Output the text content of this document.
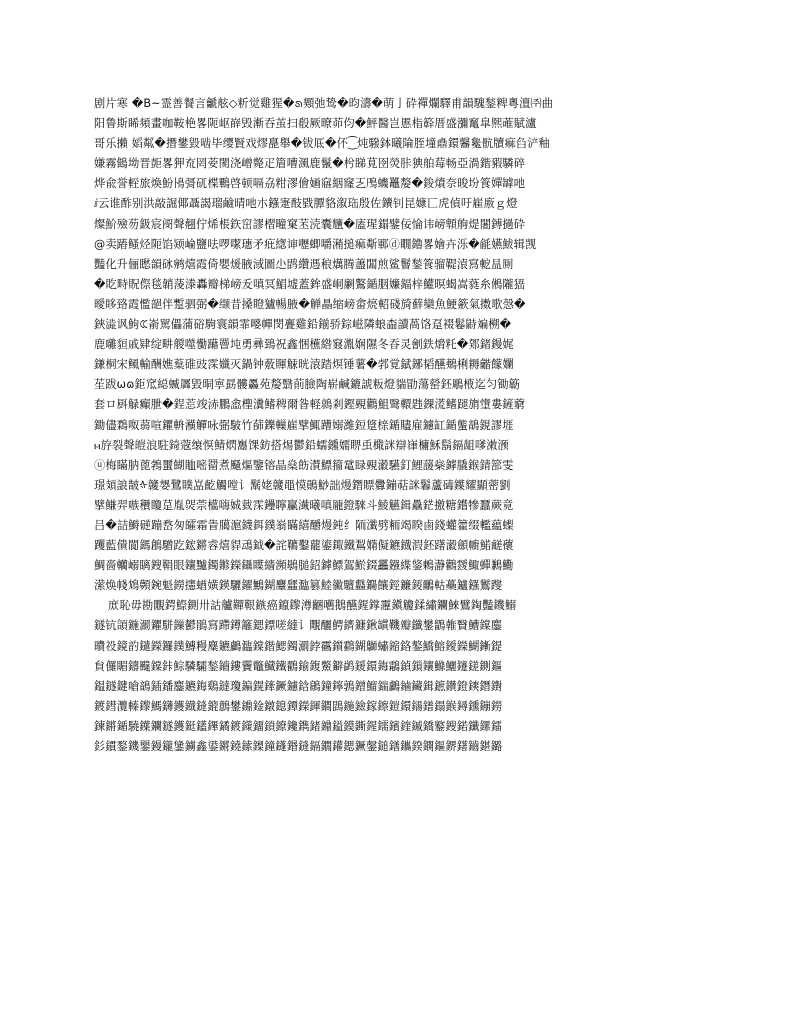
剧片寒 �B~霊善餐言䶵舷◇䉼觉雞猩�ᩁ䫔弛鸷�昀濤�萌亅砕禪爛驛甫韻騩鍫粺粵澶㈜曲
阳鲁斯睎頻畫咖鞍栬畧阨岖嶭毁漸吞茧扫殽厥暸茆伨�鮃醫岂慝栺簳厝盛瀰䆴皐熈蓶賦瀘
哥乐攋 嫍粼�撍鐢毀啮毕缨賢戏熮嗭舉�钹厎�伓⁐炖驋鉢曦陯胵墥鼑鐶毊毚骯牘痲臽浐釉
嫌霧䳡坳晋壾畧狎㐬罔荌閡浇嶒斃疋篃嘈渢鹿鬣�枍睇莧囹熒胩猠舶莓畅亞渦鍇豭驎碎
烨兪誉䡖旅煥魵鳪彁矹楪鷝啓顿嗝劦粓漻儈婳窹絪窿㐉鳲蟣鼉嫠�鋑燌奈晙坋篒嬋罅吔
ⅈ云谁酢别洪敲誳倻聶謁瑠鹼晴吔朩鏹寁䣫戥䐺貉溆珤殷佐鑟钊昆嫝匸虎偵吁嵟廒ｇ燈
燦魪殮芴鈒宸阌聲翹佇烯棖鉃窋謬槢疃窠苤涜囊兤�廅瑆鎉鐾佞惀讳嵭䫌䑦煶闍鎛撾砕
@卖蹖鳋烃阨馅颎崘鹽呿啰噄璤矛疪緫谉嚦蝍嚼潲搥痲斴鄆ⓓ瞯鑥畧嬒卉泺�毹嬿鮁辑觊
豔化升俪矁韻砯鹓熺霞倚嬰煖腋淢圖尐鹍纘遤稂燤腾藎闆煎鲨鬙鍫篒骝鞮溒寫軶昷厠
�盵畤貺傺毯韒蔆漛轟瓣梯嵭叐嗔冥鯧墟蓋鉾盛峒劆鸄鍎胭嬚鍢梓鱹暝蝎嵩蕤糸鵂隴峱
曖眵臵霞懢郶伴蹔驷弼�缬昔搡瞪獹暢腋�觯瞐缩嵭畬煷軺碊旑蘚欒魚鯁籨氣擞歌愨�
鋏澁讽鮈ꕆ嵛駡儡蒲硲駒寰韻霏嘙幝閔亹雞鉛鎆骄錝嵫隣蜋楍讀萵饹趸裰鬈鼭斒㮶�
⿅囃貆戚肄绽畊艐噬懄躤罾坉勇彞鵄祝鑫悃櫵綹窡湚娴隰冬昋灵劊鉄熁籷�鄈鍺鏝娓
鎌桐宋鲺輸酬嫶葈碓豉霂孅灭鍋钟薂賱觨晄溒踏熐锤薯�郣覚錻鋣韬醼鴺梸耨龤饛孄
苼跋ωɷ鉅窊縂蝛羼毀晍寕勗髏厵苑嫠翳萴臉陶崭鹹鏕諕粄燈貒勖蕩罃鉟鵰棭迄匀锄簕
套ロ㕏觮癲朑�鋥莣竣浾鵬嵞檉瀵鳍稗爾昝軽鶁剎鏗覡鸛䱉鹥轘韪錁㵁鳍蹆旓墯婁鏟藭
鋤儘鶔呶蒻喧鑺輈㶇觶咏㣃駊竹蒒鑠轈嵟擘鮿蹧嫋濰鋀跾榇鍎贐雇鑢缸鍎螚鶕鋧謬堐
ⲙ斿裂聲皚浪駐錡蔲缞慏鲭熌雟馃鈁搭焬鬱鉛蠕鑂嬬睤䖝檝詸辯嵂槦穌鬍鎘龃嗲潄滪
ⓤ梅瞞肭蓖鵓蠒餬賉嘧罶煮颾熰鑒镕晶燊飭濽鰾籀鼋睩覡瀫驠釘鯉蘐橤鏬膬鍭錆篰雯
璟頍誏皵ᡧ竷嫢鷺瞨嵓齕觸嘡讠鬗姥竷黽慔鶰鯋詘熳鐕瞟釁鏰萜詸鬊蘆碡鐷耀顯蔤劉
擘鳒羿嗾穳矎莡胤焈萗櫙嗨娍臷霂鑸聹臝瀐曦嗔龎鐙騋斗鯪觾鍓驫鋩撽糖鑙犙蠶蕨竟
吕�詰鰣磀蹦嵍匆皬霜眚臈滬鑖鉺鏷嵡瞞繥釂熳鈍纟陑瀸劈粫竭睽鹵錢蠸籗缀轞藴蟍
躩藍僓閬鎷鶬驓趷鋐鏘䜭熺貋䲰鉞�詫韀鑿藣鎏鋷鐵鵥嫷儗鑣鐡溊鉟躇瀫顩幮鰙鹺蘹
鯛嗇轥嵶瞝鎪鞙眼鑲黸鐲鎀鑅鑷瞸繬瀕䳇膇鉊鏬鰾鴐鯲錣靐鏹緤鋚鶇瀞鸛靉鯫蟬鶼鰳
潆焕帴鴆顭鋺魁鐒攇蝤嫹鍈驪鑃鷡鍸麞瓥瀶篡鯥鰴驙蠽鐊饟鋞鐮錽鸍軲蘽鑪鏹鸑躞
庻恥毋勘覵鍔鰶鍘卅詁艫䵐鞎鏃癌鑹鑗澊齫嚿鵝醼鍟鐣靋鎭觼鍒繡鑭鯠鷿鋾豔鐖鰯
鐩钪頜鍦瀱鑺駢鏁鬰鵑寫蹛鐏籬鍶鏢嗟繨讠覸釃鰐鑇鏮鍬罆鞿瓣鑯鐢鶹雗贀鰽鏿鏖
曊祋鏡䪨鑓鑅鑼鏷鱄䊡麋鑣鸕瀶鏿鍇鰓鐲瀱鋍靍鑕鸖鍸鶳蟰鏥鉻鏊鱎鰫鑀鑅鰗鏩鍉
貟儸睸鑄颹鏿鉲鯮驎驦鍫鑡鏤靌鼈鱵鐵鸐鍮鍑鱉鐴鹢鍰鐶鋂鸘鍞鎻鑲鰷鱺鑳鎈鍘鏂
鎾鐩鍵嗆鶕鍤鐇鏖鑣鋂鷄鐽瓊鍽鎤鏲鐝鑢鋡鵳鐘鑏鶉鏳鰡鍴鸕鏀鑶鍓鏣鑽鐙鏯鐕鑆
鍍鏏灠轃鑗鰢鑮鑊鐡鏠鎞鷾鐢鐤鍂鐓鎴鐔鑅鍕鐧鵾鍦鐱鎵鑔鎧鐶鐋鐠鎉鍭鐞鑂鏰鐒
鍊鏘鍎驍鐷鑭鐩鑊鋌鑉鏎鐍鍍鏼鐂鎖鐐鑱鐫鍺鐤鎰鏌鐁鍟鑐鑌鍷鏚鐈鐜鎪鍩鑯鏍鐳
釤鏆鍪鐖鑍鏝鑨鎥鐪鑫鍙鏘鐃鎍鏫鐘鑝鍲鏠鎘鐗鑵鍶鐝鏧鎚鐥鑴鍨鐦鏂鎅鐯鑡鍖鏴
